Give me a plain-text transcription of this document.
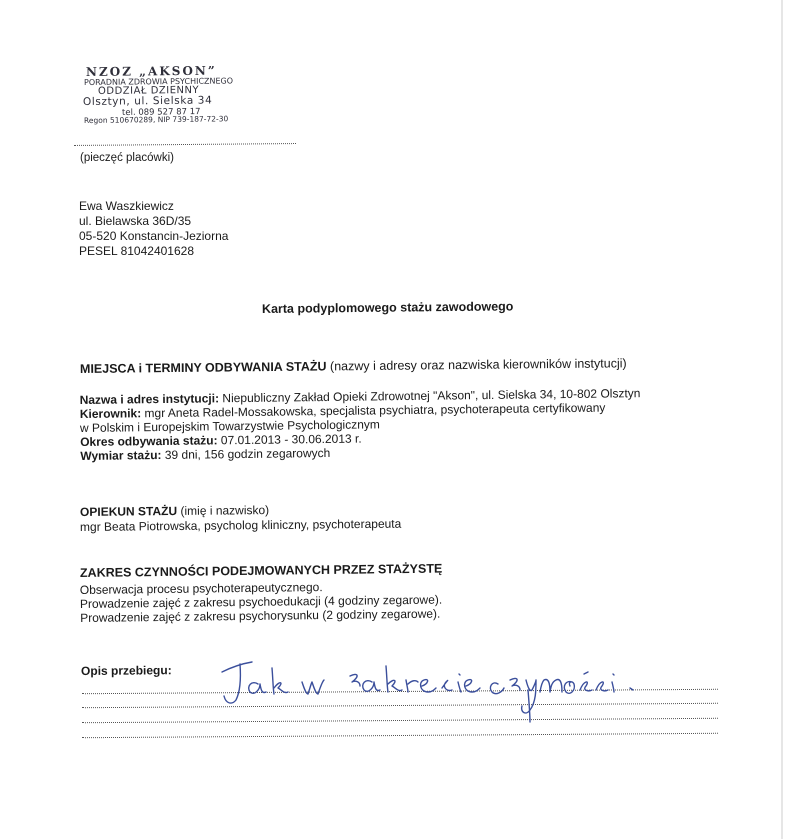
NZOZ „AKSON”
PORADNIA ZDROWIA PSYCHICZNEGO
ODDZIAŁ DZIENNY
Olsztyn, ul. Sielska 34
tel. 089 527 87 17
Regon 510670289, NIP 739-187-72-30
(pieczęć placówki)
Ewa Waszkiewicz
ul. Bielawska 36D/35
05-520 Konstancin-Jeziorna
PESEL 81042401628
Karta podyplomowego stażu zawodowego
MIEJSCA i TERMINY ODBYWANIA STAŻU (nazwy i adresy oraz nazwiska kierowników instytucji)
Nazwa i adres instytucji: Niepubliczny Zakład Opieki Zdrowotnej "Akson", ul. Sielska 34, 10-802 Olsztyn
Kierownik: mgr Aneta Radel-Mossakowska, specjalista psychiatra, psychoterapeuta certyfikowany
w Polskim i Europejskim Towarzystwie Psychologicznym
Okres odbywania stażu: 07.01.2013 - 30.06.2013 r.
Wymiar stażu: 39 dni, 156 godzin zegarowych
OPIEKUN STAŻU (imię i nazwisko)
mgr Beata Piotrowska, psycholog kliniczny, psychoterapeuta
ZAKRES CZYNNOŚCI PODEJMOWANYCH PRZEZ STAŻYSTĘ
Obserwacja procesu psychoterapeutycznego.
Prowadzenie zajęć z zakresu psychoedukacji (4 godziny zegarowe).
Prowadzenie zajęć z zakresu psychorysunku (2 godziny zegarowe).
Opis przebiegu:
